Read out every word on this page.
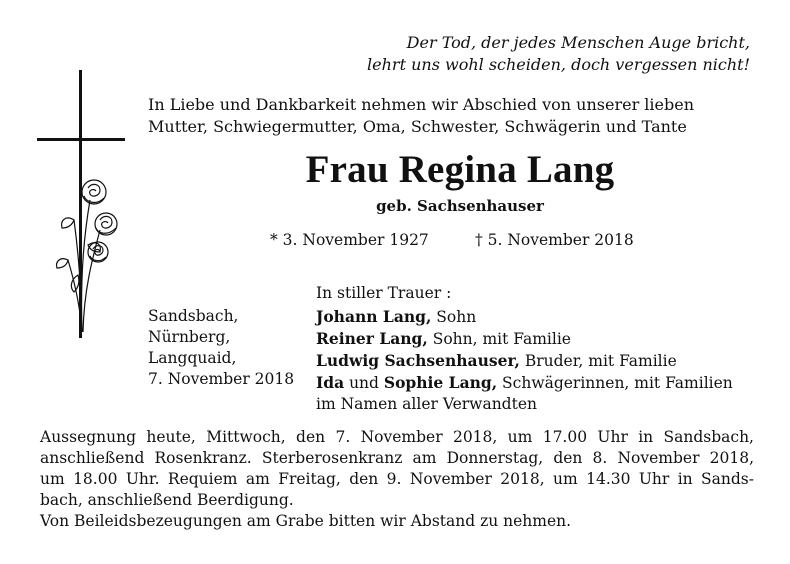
Der Tod, der jedes Menschen Auge bricht,
lehrt uns wohl scheiden, doch vergessen nicht!
In Liebe und Dankbarkeit nehmen wir Abschied von unserer lieben
Mutter, Schwiegermutter, Oma, Schwester, Schwägerin und Tante
Frau Regina Lang
geb. Sachsenhauser
* 3. November 1927	† 5. November 2018
In stiller Trauer :
Sandsbach,
Nürnberg,
Langquaid,
7. November 2018
Johann Lang, Sohn
Reiner Lang, Sohn, mit Familie
Ludwig Sachsenhauser, Bruder, mit Familie
Ida und Sophie Lang, Schwägerinnen, mit Familien
im Namen aller Verwandten
Aussegnung heute, Mittwoch, den 7. November 2018, um 17.00 Uhr in Sandsbach,
anschließend Rosenkranz. Sterberosenkranz am Donnerstag, den 8. November 2018,
um 18.00 Uhr. Requiem am Freitag, den 9. November 2018, um 14.30 Uhr in Sands-
bach, anschließend Beerdigung.
Von Beileidsbezeugungen am Grabe bitten wir Abstand zu nehmen.
